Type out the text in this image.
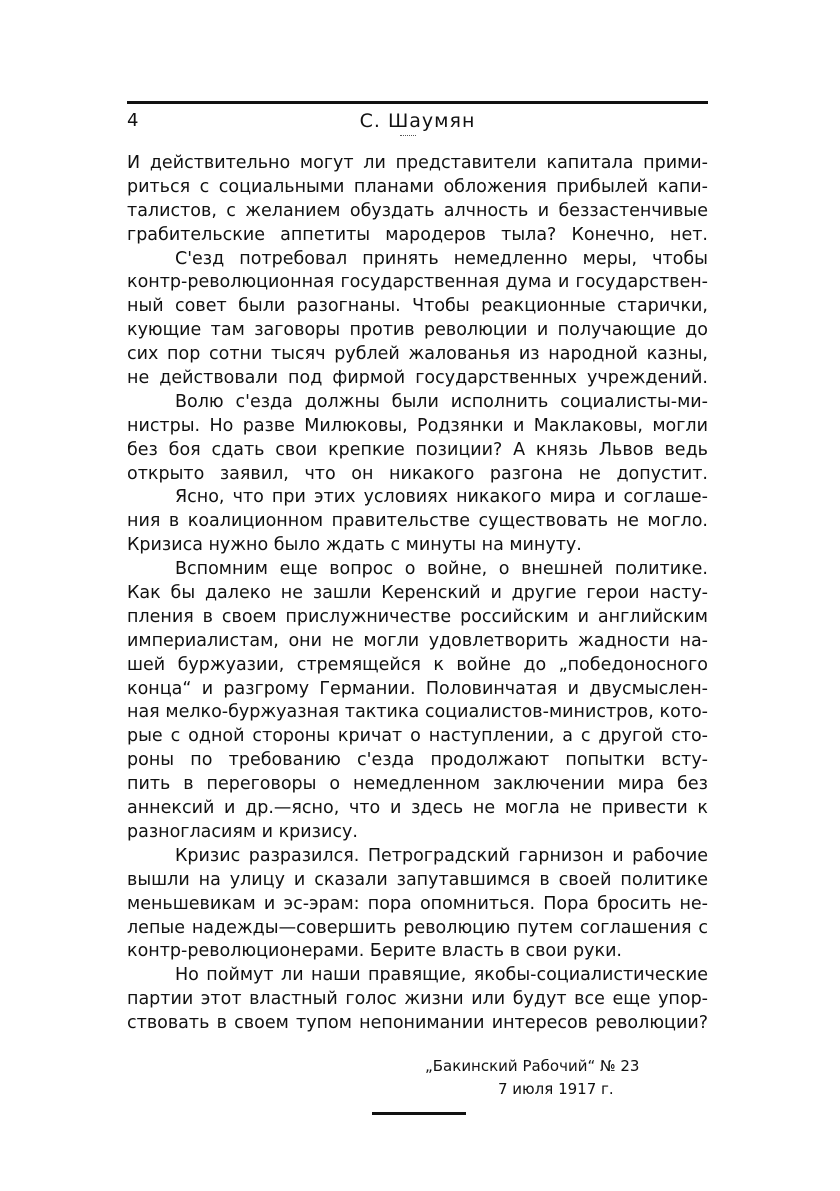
4	С. Шаумян

И действительно могут ли представители капитала прими-
риться с социальными планами обложения прибылей капи-
талистов, с желанием обуздать алчность и беззастенчивые
грабительские аппетиты мародеров тыла? Конечно, нет.

С'езд потребовал принять немедленно меры, чтобы
контр-революционная государственная дума и государствен-
ный совет были разогнаны. Чтобы реакционные старички,
кующие там заговоры против революции и получающие до
сих пор сотни тысяч рублей жалованья из народной казны,
не действовали под фирмой государственных учреждений.

Волю с'езда должны были исполнить социалисты-ми-
нистры. Но разве Милюковы, Родзянки и Маклаковы, могли
без боя сдать свои крепкие позиции? А князь Львов ведь
открыто заявил, что он никакого разгона не допустит.

Ясно, что при этих условиях никакого мира и соглаше-
ния в коалиционном правительстве существовать не могло.
Кризиса нужно было ждать с минуты на минуту.

Вспомним еще вопрос о войне, о внешней политике.
Как бы далеко не зашли Керенский и другие герои насту-
пления в своем прислужничестве российским и английским
империалистам, они не могли удовлетворить жадности на-
шей буржуазии, стремящейся к войне до „победоносного
конца“ и разгрому Германии. Половинчатая и двусмыслен-
ная мелко-буржуазная тактика социалистов-министров, кото-
рые с одной стороны кричат о наступлении, а с другой сто-
роны по требованию с'езда продолжают попытки всту-
пить в переговоры о немедленном заключении мира без
аннексий и др.—ясно, что и здесь не могла не привести к
разногласиям и кризису.

Кризис разразился. Петроградский гарнизон и рабочие
вышли на улицу и сказали запутавшимся в своей политике
меньшевикам и эс-эрам: пора опомниться. Пора бросить не-
лепые надежды—совершить революцию путем соглашения с
контр-революционерами. Берите власть в свои руки.

Но поймут ли наши правящие, якобы-социалистические
партии этот властный голос жизни или будут все еще упор-
ствовать в своем тупом непонимании интересов революции?

„Бакинский Рабочий“ № 23
7 июля 1917 г.
